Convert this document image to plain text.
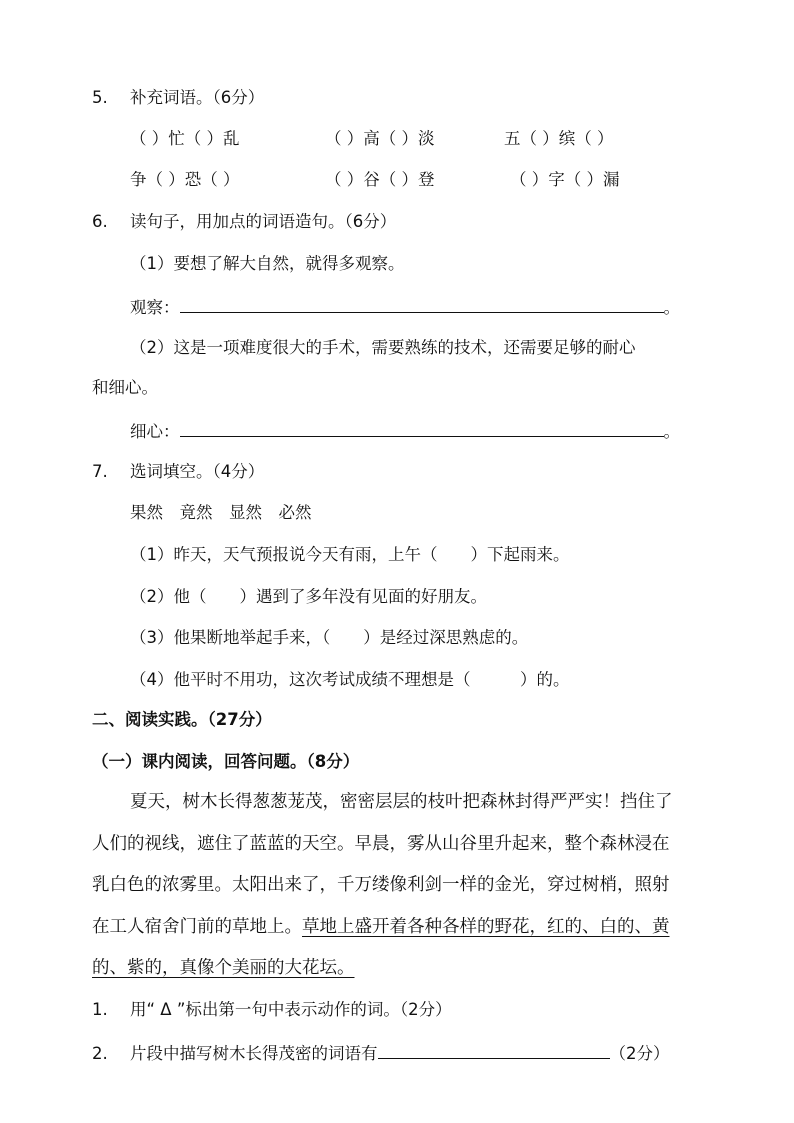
5. 补充词语。（6分）
（ ）忙（ ）乱	（ ）高（ ）淡	五（ ）缤（ ）
争（ ）恐（ ）	（ ）谷（ ）登	（ ）字（ ）漏
6. 读句子，用加点的词语造句。（6分）
（1）要想了解大自然，就得多观察。
观察：	。
（2）这是一项难度很大的手术，需要熟练的技术，还需要足够的耐心
和细心。
细心：	。
7. 选词填空。（4分）
果然　竟然　显然　必然
（1）昨天，天气预报说今天有雨，上午（　　）下起雨来。
（2）他（　　）遇到了多年没有见面的好朋友。
（3）他果断地举起手来，（　　）是经过深思熟虑的。
（4）他平时不用功，这次考试成绩不理想是（　　　）的。
二、阅读实践。（27分）
（一）课内阅读，回答问题。（8分）
夏天，树木长得葱葱茏茂，密密层层的枝叶把森林封得严严实！挡住了
人们的视线，遮住了蓝蓝的天空。早晨，雾从山谷里升起来，整个森林浸在
乳白色的浓雾里。太阳出来了，千万缕像利剑一样的金光，穿过树梢，照射
在工人宿舍门前的草地上。草地上盛开着各种各样的野花，红的、白的、黄
的、紫的，真像个美丽的大花坛。
1. 用“ Δ ”标出第一句中表示动作的词。（2分）
2. 片段中描写树木长得茂密的词语有	（2分）
